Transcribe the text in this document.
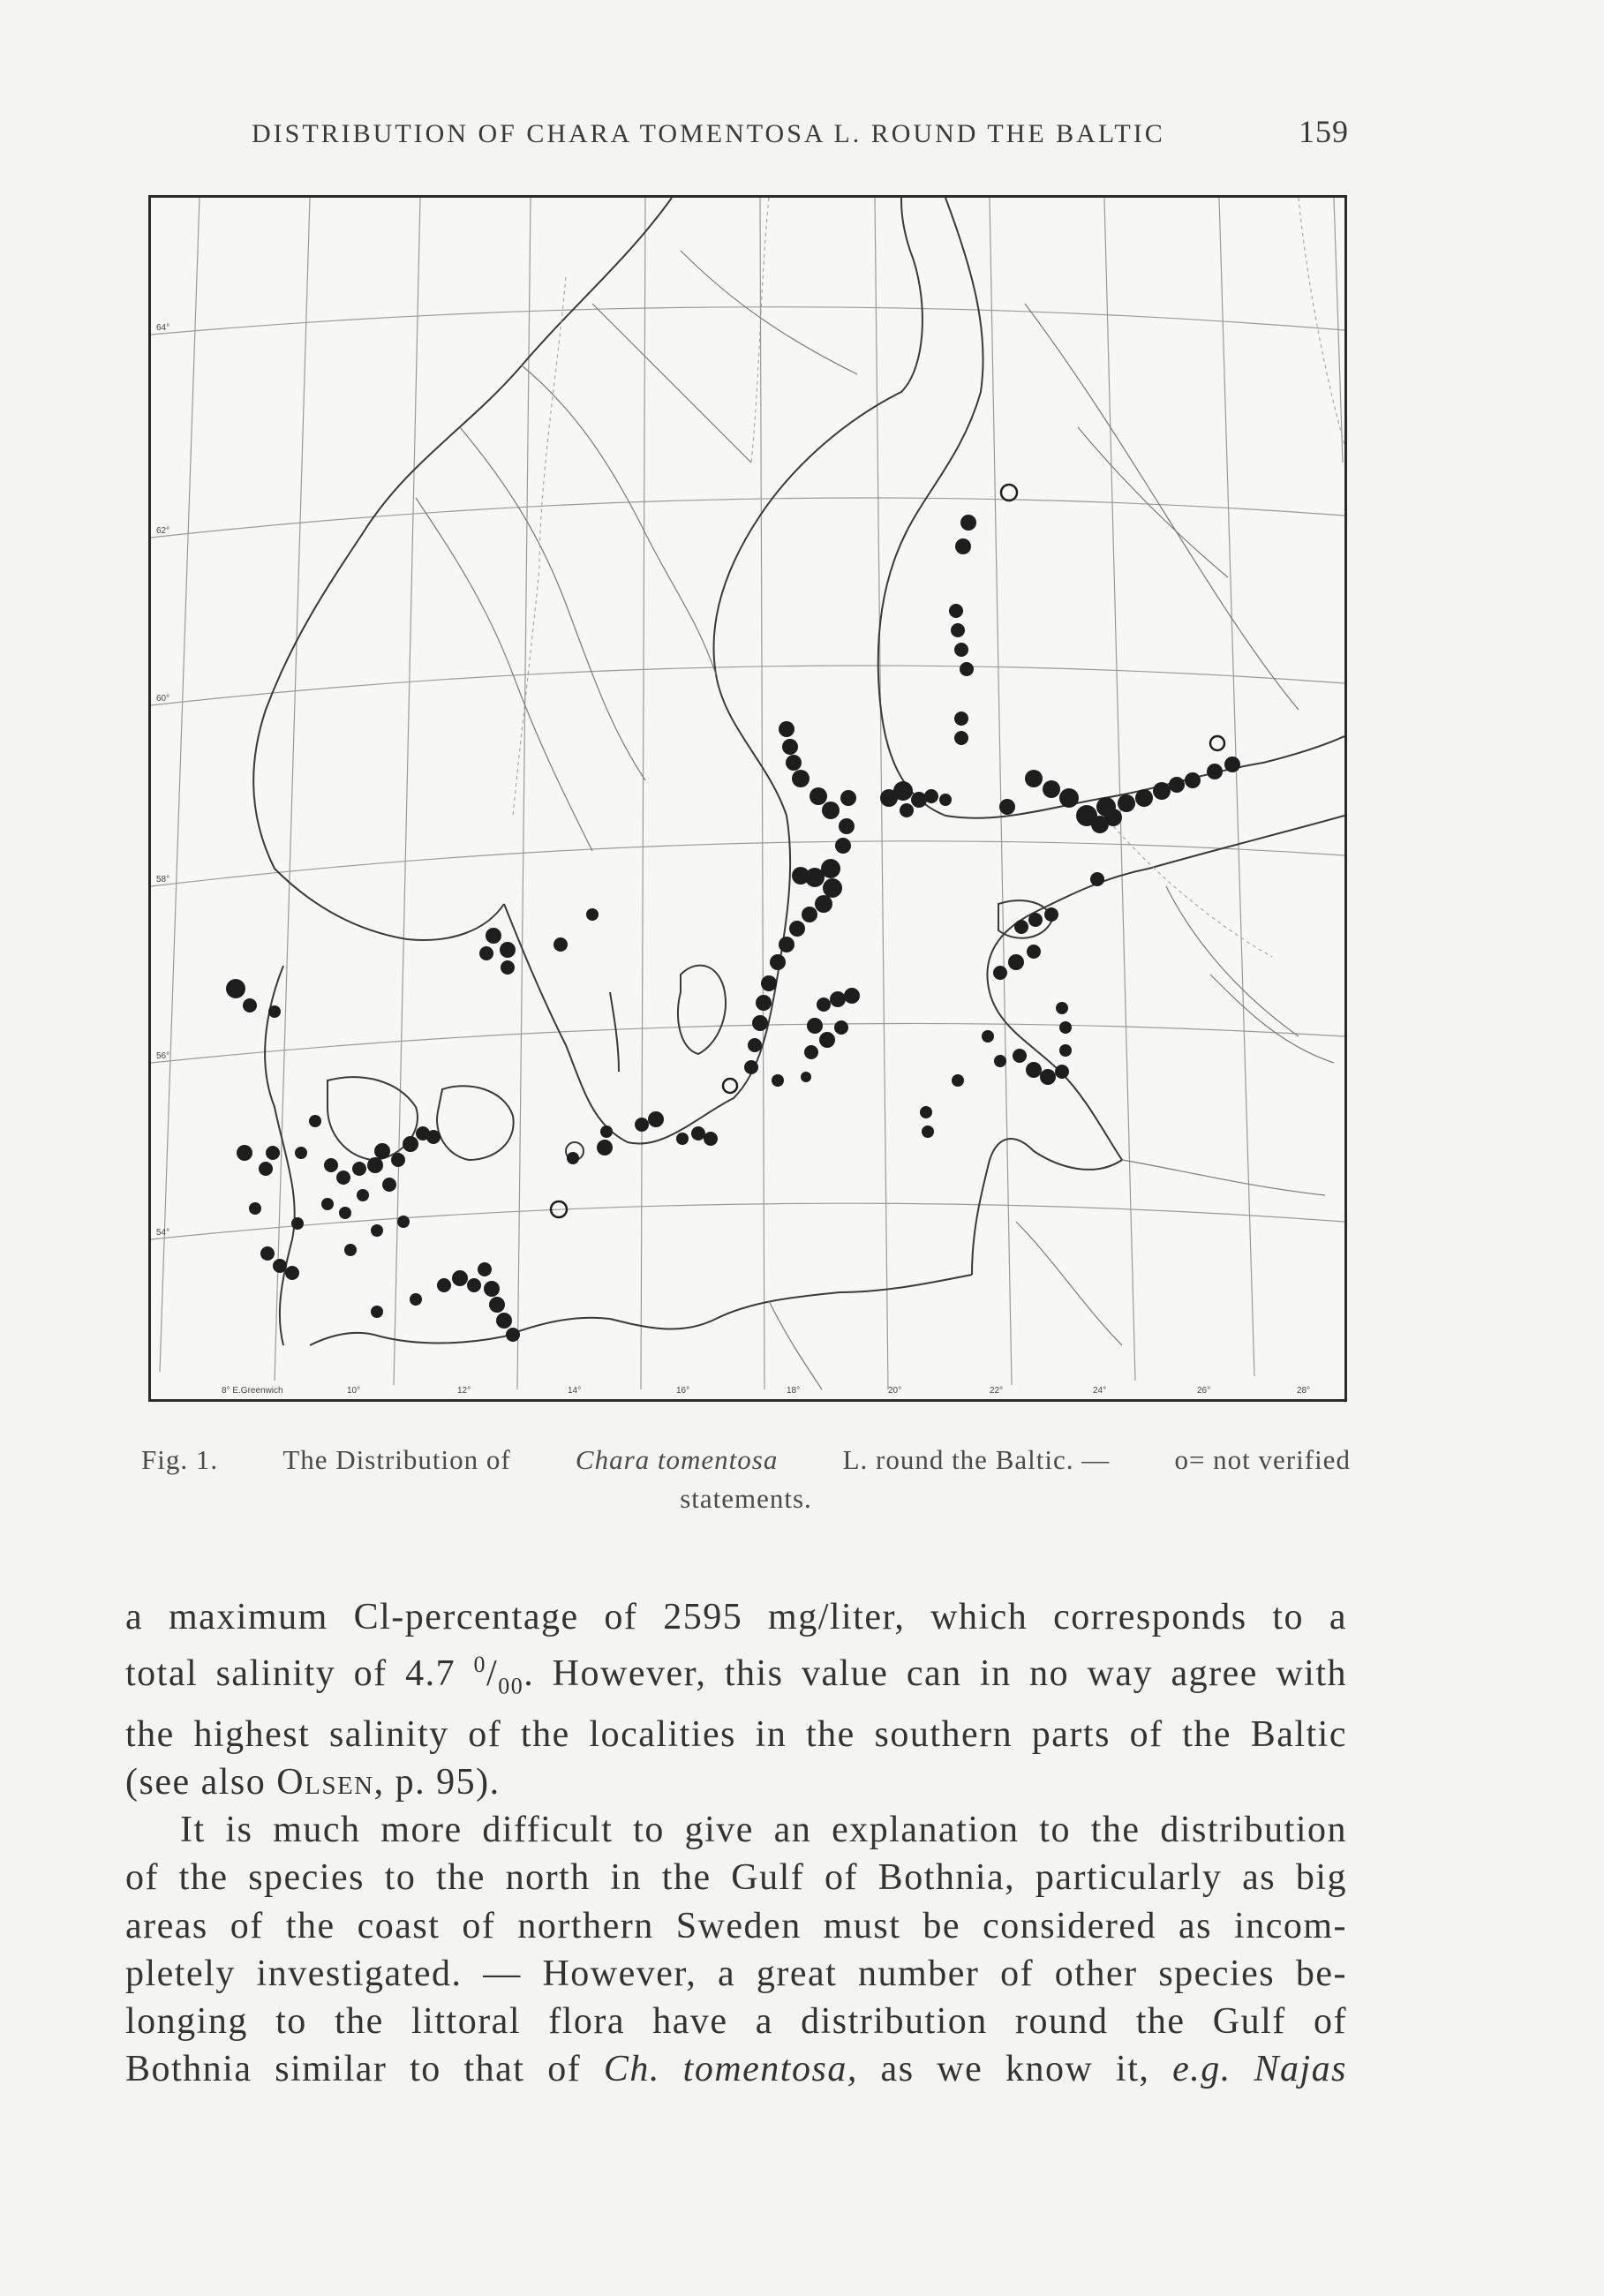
DISTRIBUTION OF CHARA TOMENTOSA L. ROUND THE BALTIC	159
64°
62°
60°
58°
56°
54°
8° E.Greenwich	10°	12°	14°	16°	18°	20°	22°	24°	26°	28°
Fig. 1. The Distribution of Chara tomentosa L. round the Baltic. — o= not verified
statements.

a maximum Cl-percentage of 2595 mg/liter, which corresponds to a
total salinity of 4.7 $^0/_{00}$. However, this value can in no way agree with
the highest salinity of the localities in the southern parts of the Baltic
(see also Olsen, p. 95).

It is much more difficult to give an explanation to the distribution
of the species to the north in the Gulf of Bothnia, particularly as big
areas of the coast of northern Sweden must be considered as incom-
pletely investigated. — However, a great number of other species be-
longing to the littoral flora have a distribution round the Gulf of
Bothnia similar to that of Ch. tomentosa, as we know it, e.g. Najas
